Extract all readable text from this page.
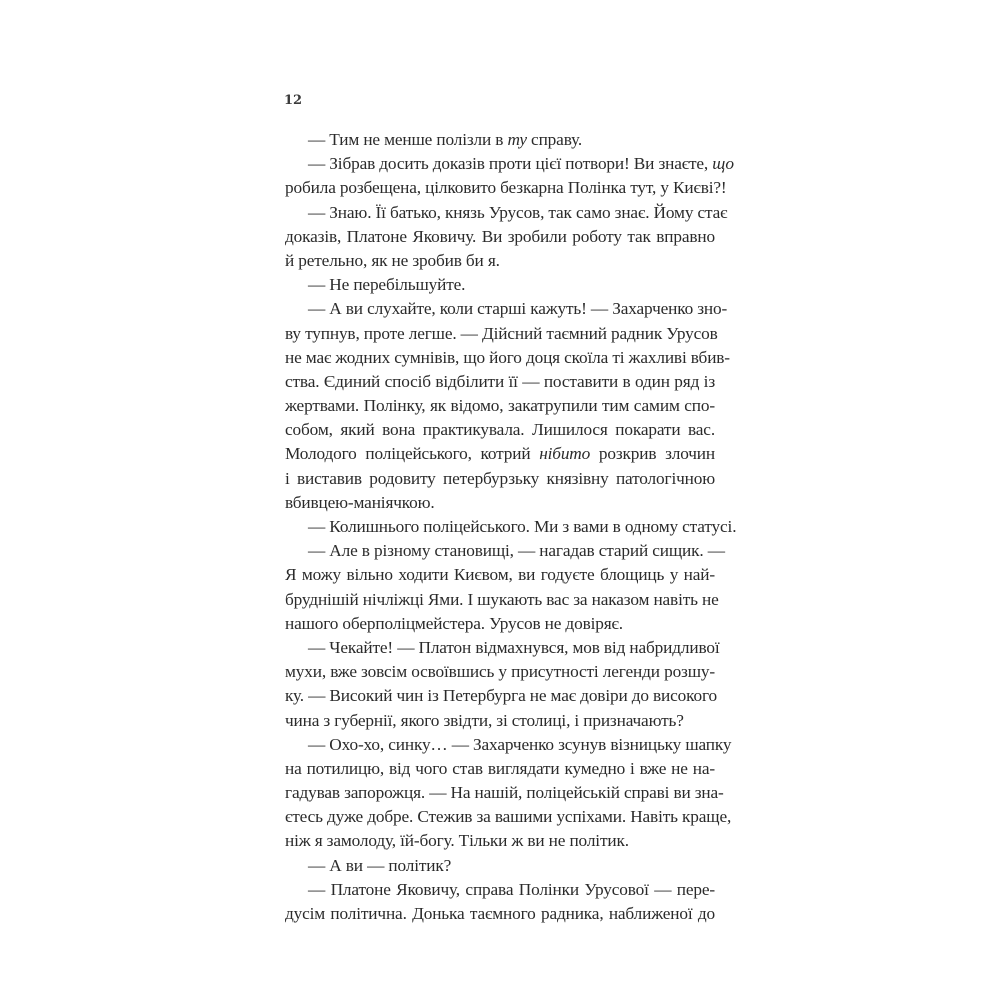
12
— Тим не менше полізли в ту справу.
— Зібрав досить доказів проти цієї потвори! Ви знаєте, що
робила розбещена, цілковито безкарна Полінка тут, у Києві?!
— Знаю. Її батько, князь Урусов, так само знає. Йому стає
доказів, Платоне Яковичу. Ви зробили роботу так вправно
й ретельно, як не зробив би я.
— Не перебільшуйте.
— А ви слухайте, коли старші кажуть! — Захарченко зно-
ву тупнув, проте легше. — Дійсний таємний радник Урусов
не має жодних сумнівів, що його доця скоїла ті жахливі вбив-
ства. Єдиний спосіб відбілити її — поставити в один ряд із
жертвами. Полінку, як відомо, закатрупили тим самим спо-
собом, який вона практикувала. Лишилося покарати вас.
Молодого поліцейського, котрий нібито розкрив злочин
і виставив родовиту петербурзьку князівну патологічною
вбивцею-маніячкою.
— Колишнього поліцейського. Ми з вами в одному статусі.
— Але в різному становищі, — нагадав старий сищик. —
Я можу вільно ходити Києвом, ви годуєте блощиць у най-
бруднішій нічліжці Ями. І шукають вас за наказом навіть не
нашого оберполіцмейстера. Урусов не довіряє.
— Чекайте! — Платон відмахнувся, мов від набридливої
мухи, вже зовсім освоївшись у присутності легенди розшу-
ку. — Високий чин із Петербурга не має довіри до високого
чина з губернії, якого звідти, зі столиці, і призначають?
— Охо-хо, синку… — Захарченко зсунув візницьку шапку
на потилицю, від чого став виглядати кумедно і вже не на-
гадував запорожця. — На нашій, поліцейській справі ви зна-
єтесь дуже добре. Стежив за вашими успіхами. Навіть краще,
ніж я замолоду, їй-богу. Тільки ж ви не політик.
— А ви — політик?
— Платоне Яковичу, справа Полінки Урусової — пере-
дусім політична. Донька таємного радника, наближеної до
